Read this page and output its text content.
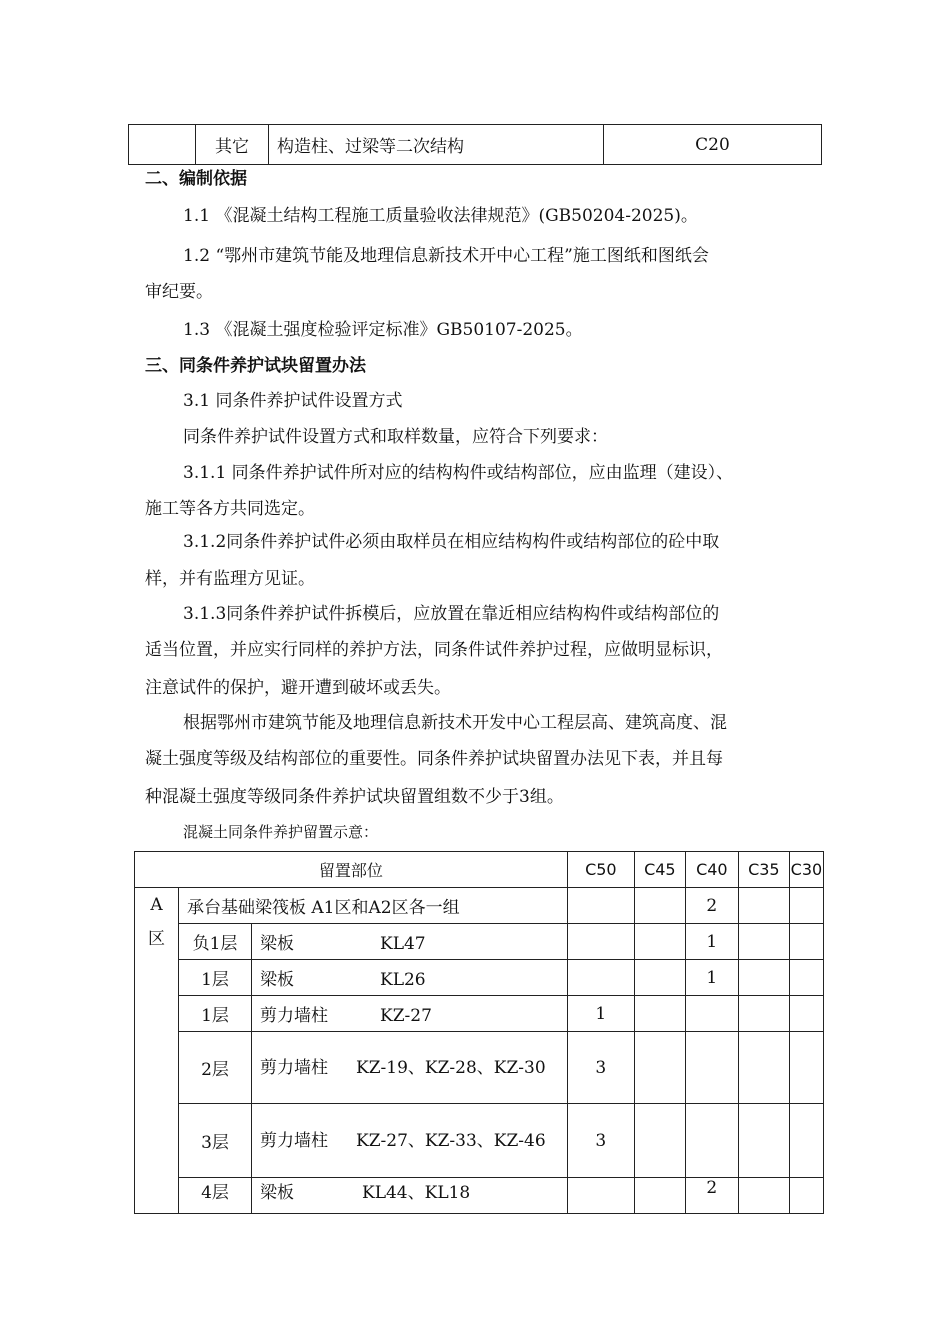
	其它	构造柱、过梁等二次结构	C20

二、编制依据

1.1 《混凝土结构工程施工质量验收法律规范》(GB50204-2025)。

1.2 “鄂州市建筑节能及地理信息新技术开中心工程”施工图纸和图纸会

审纪要。

1.3 《混凝土强度检验评定标准》GB50107-2025。

三、同条件养护试块留置办法

3.1 同条件养护试件设置方式

同条件养护试件设置方式和取样数量，应符合下列要求：

3.1.1 同条件养护试件所对应的结构构件或结构部位，应由监理（建设）、

施工等各方共同选定。

3.1.2同条件养护试件必须由取样员在相应结构构件或结构部位的砼中取

样，并有监理方见证。

3.1.3同条件养护试件拆模后，应放置在靠近相应结构构件或结构部位的

适当位置，并应实行同样的养护方法，同条件试件养护过程，应做明显标识，

注意试件的保护，避开遭到破坏或丢失。

根据鄂州市建筑节能及地理信息新技术开发中心工程层高、建筑高度、混

凝土强度等级及结构部位的重要性。同条件养护试块留置办法见下表，并且每

种混凝土强度等级同条件养护试块留置组数不少于3组。

混凝土同条件养护留置示意：

留置部位			C50	C45	C40	C35	C30
A
区	承台基础梁筏板 A1区和A2区各一组				2		
	负1层	梁板 KL47			1		
	1层	梁板 KL26			1		
	1层	剪力墙柱 KZ-27	1				
	2层	剪力墙柱 KZ-19、KZ-28、KZ-30	3				
	3层	剪力墙柱 KZ-27、KZ-33、KZ-46	3				
	4层	梁板 KL44、KL18			2		
